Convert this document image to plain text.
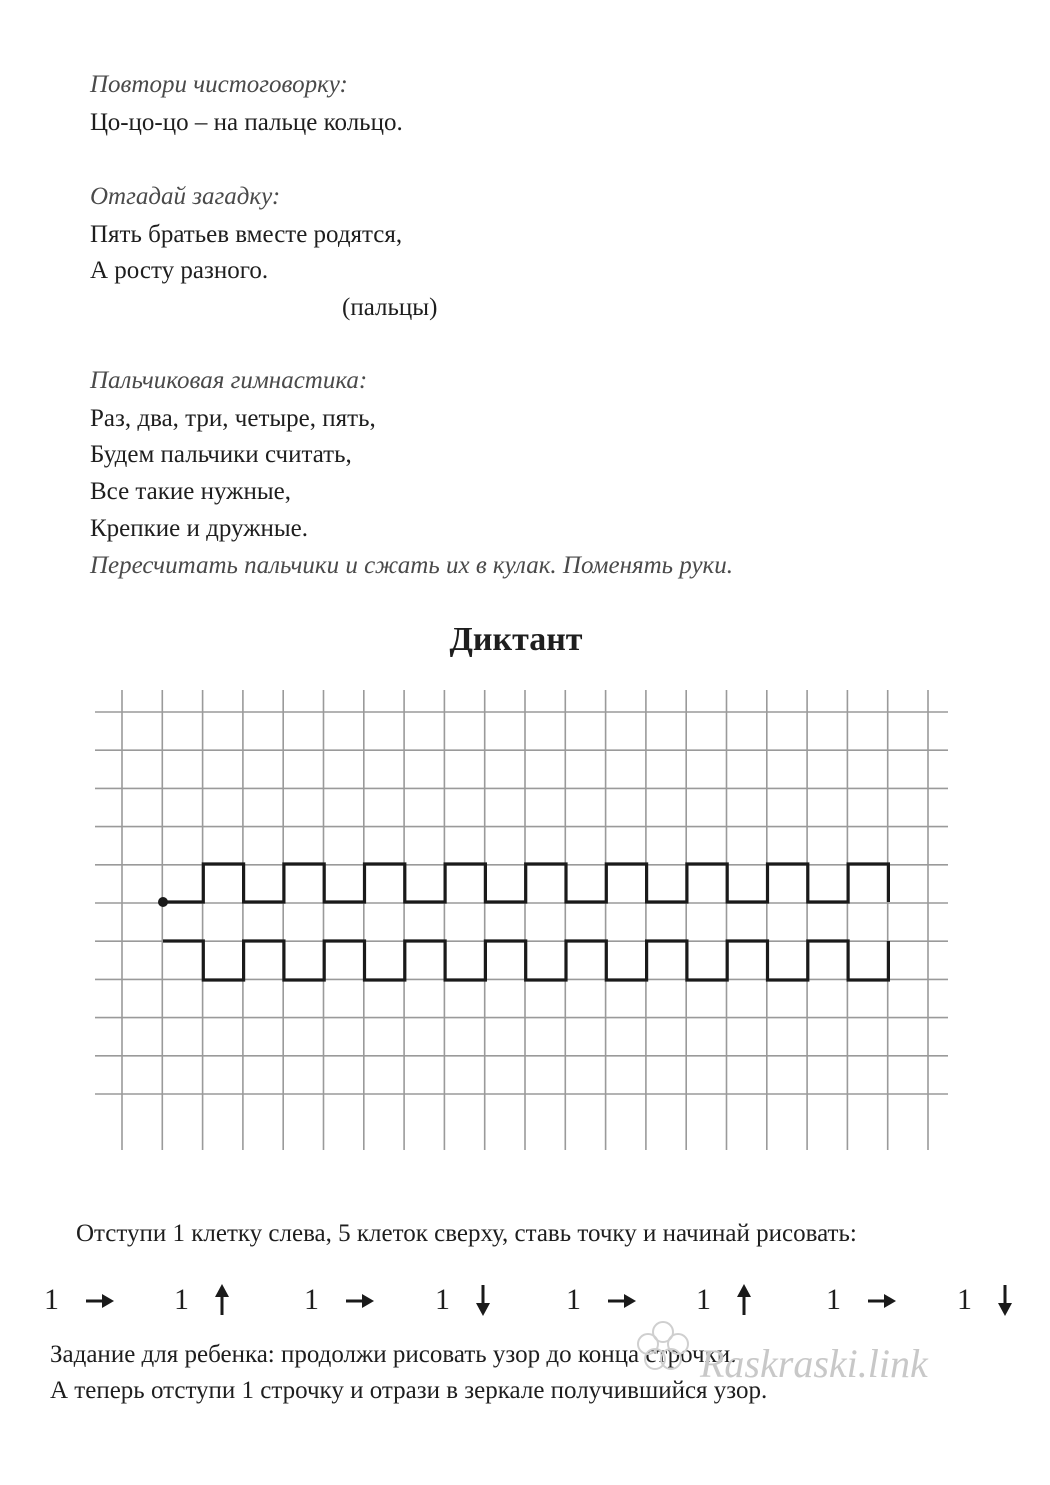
Повтори чистоговорку:
Цо-цо-цо – на пальце кольцо.
Отгадай загадку:
Пять братьев вместе родятся,
А росту разного.
(пальцы)
Пальчиковая гимнастика:
Раз, два, три, четыре, пять,
Будем пальчики считать,
Все такие нужные,
Крепкие и дружные.
Пересчитать пальчики и сжать их в кулак. Поменять руки.
Диктант
Отступи 1 клетку слева, 5 клеток сверху, ставь точку и начинай рисовать:
1	1	1	1	1	1	1	1
Задание для ребенка: продолжи рисовать узор до конца строчки.
А теперь отступи 1 строчку и отрази в зеркале получившийся узор.
Raskraski.link
